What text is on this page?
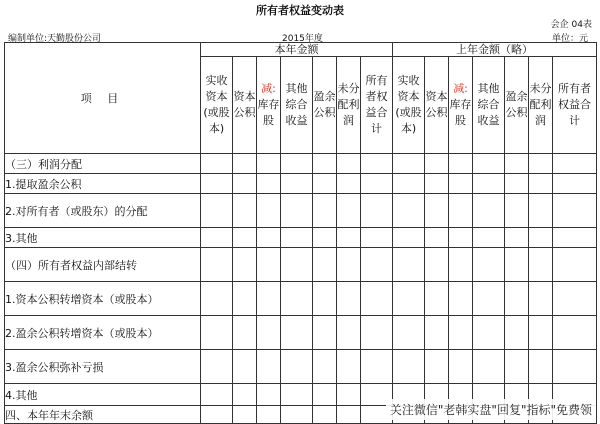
所有者权益变动表
会企 04表
编制单位:天勤股份公司	2015年度	单位：元
项 目	本年金额							上年金额（略）						
	实收资本(或股本)	资本公积	减:库存股	其他综合收益	盈余公积	未分配利润	所有者权益合计	实收资本(或股本)	资本公积	减:库存股	其他综合收益	盈余公积	未分配利润	所有者权益合计
（三）利润分配														
1.提取盈余公积														
2.对所有者（或股东）的分配														
3.其他														
（四）所有者权益内部结转														
1.资本公积转增资本（或股本）														
2.盈余公积转增资本（或股本）														
3.盈余公积弥补亏损														
4.其他														
四、本年年末余额															关注微信"老韩实盘"回复"指标"免费领
